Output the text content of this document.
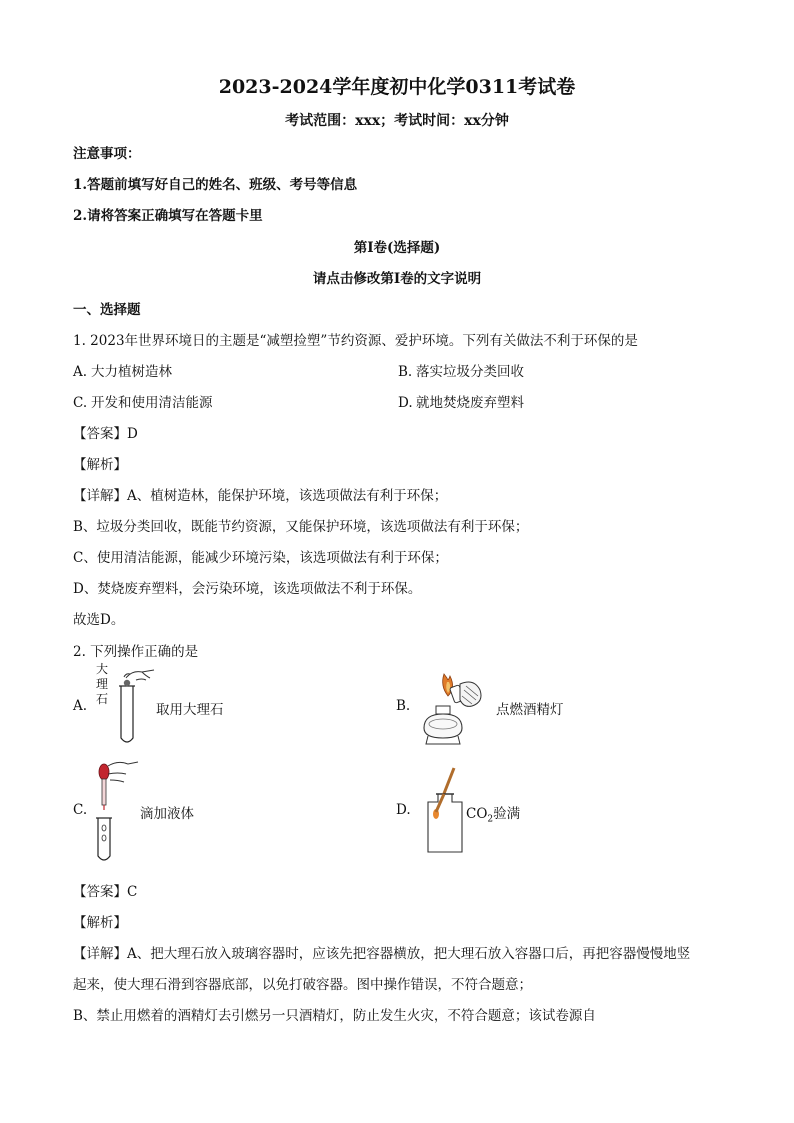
2023-2024学年度初中化学0311考试卷
考试范围：xxx；考试时间：xx分钟
注意事项：
1.答题前填写好自己的姓名、班级、考号等信息
2.请将答案正确填写在答题卡里
第I卷(选择题)
请点击修改第I卷的文字说明
一、选择题
1. 2023年世界环境日的主题是“减塑捡塑”节约资源、爱护环境。下列有关做法不利于环保的是
A. 大力植树造林	B. 落实垃圾分类回收
C. 开发和使用清洁能源	D. 就地焚烧废弃塑料
【答案】D
【解析】
【详解】A、植树造林，能保护环境，该选项做法有利于环保；
B、垃圾分类回收，既能节约资源，又能保护环境，该选项做法有利于环保；
C、使用清洁能源，能减少环境污染，该选项做法有利于环保；
D、焚烧废弃塑料，会污染环境，该选项做法不利于环保。
故选D。
2. 下列操作正确的是
A.
大理石
取用大理石	B.	点燃酒精灯
C.	滴加液体	D.	$CO_2$验满
【答案】C
【解析】
【详解】A、把大理石放入玻璃容器时，应该先把容器横放，把大理石放入容器口后，再把容器慢慢地竖
起来，使大理石滑到容器底部，以免打破容器。图中操作错误，不符合题意；
B、禁止用燃着的酒精灯去引燃另一只酒精灯，防止发生火灾，不符合题意；该试卷源自
